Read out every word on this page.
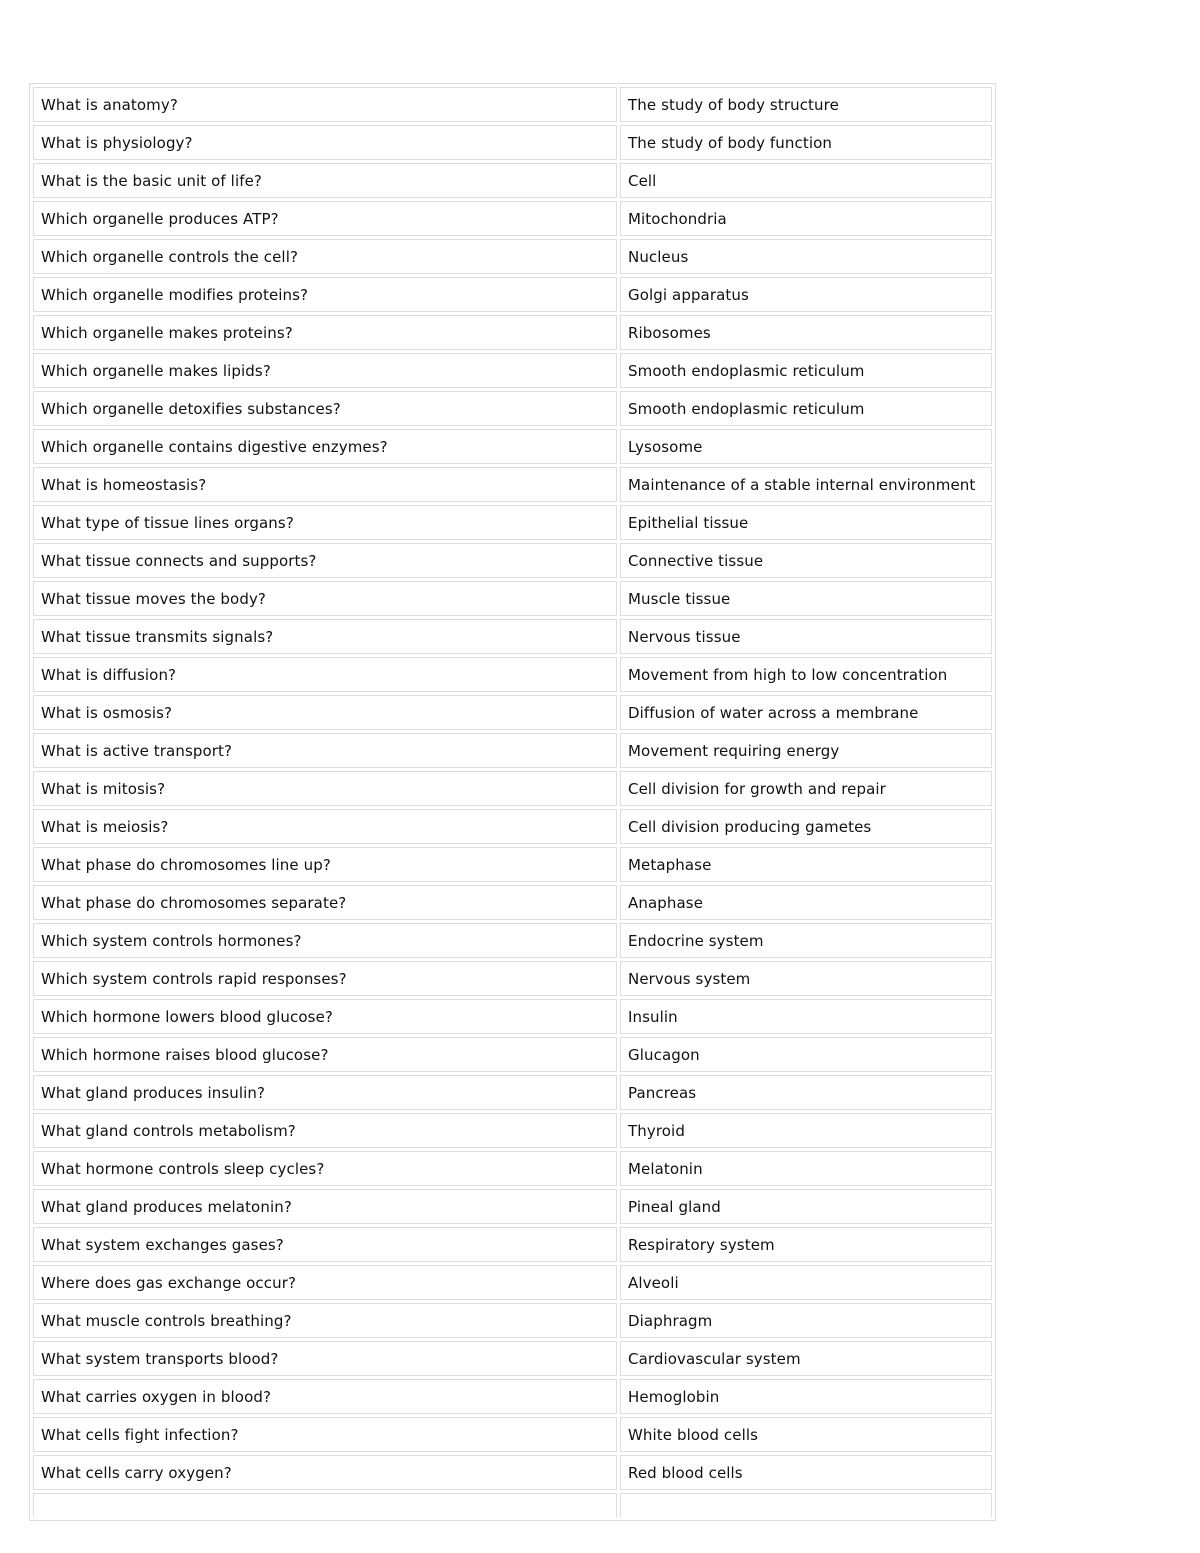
What is anatomy?	The study of body structure
What is physiology?	The study of body function
What is the basic unit of life?	Cell
Which organelle produces ATP?	Mitochondria
Which organelle controls the cell?	Nucleus
Which organelle modifies proteins?	Golgi apparatus
Which organelle makes proteins?	Ribosomes
Which organelle makes lipids?	Smooth endoplasmic reticulum
Which organelle detoxifies substances?	Smooth endoplasmic reticulum
Which organelle contains digestive enzymes?	Lysosome
What is homeostasis?	Maintenance of a stable internal environment
What type of tissue lines organs?	Epithelial tissue
What tissue connects and supports?	Connective tissue
What tissue moves the body?	Muscle tissue
What tissue transmits signals?	Nervous tissue
What is diffusion?	Movement from high to low concentration
What is osmosis?	Diffusion of water across a membrane
What is active transport?	Movement requiring energy
What is mitosis?	Cell division for growth and repair
What is meiosis?	Cell division producing gametes
What phase do chromosomes line up?	Metaphase
What phase do chromosomes separate?	Anaphase
Which system controls hormones?	Endocrine system
Which system controls rapid responses?	Nervous system
Which hormone lowers blood glucose?	Insulin
Which hormone raises blood glucose?	Glucagon
What gland produces insulin?	Pancreas
What gland controls metabolism?	Thyroid
What hormone controls sleep cycles?	Melatonin
What gland produces melatonin?	Pineal gland
What system exchanges gases?	Respiratory system
Where does gas exchange occur?	Alveoli
What muscle controls breathing?	Diaphragm
What system transports blood?	Cardiovascular system
What carries oxygen in blood?	Hemoglobin
What cells fight infection?	White blood cells
What cells carry oxygen?	Red blood cells
